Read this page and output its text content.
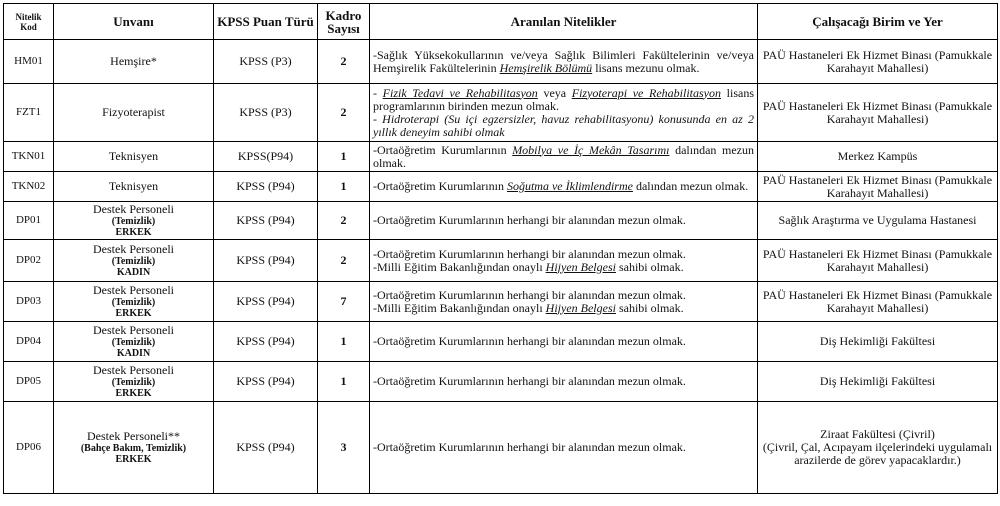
Nitelik Kod	Unvanı	KPSS Puan Türü	Kadro Sayısı	Aranılan Nitelikler	Çalışacağı Birim ve Yer
HM01	Hemşire*	KPSS (P3)	2	-Sağlık Yüksekokullarının ve/veya Sağlık Bilimleri Fakültelerinin ve/veya Hemşirelik Fakültelerinin Hemşirelik Bölümü lisans mezunu olmak.	PAÜ Hastaneleri Ek Hizmet Binası (Pamukkale Karahayıt Mahallesi)
FZT1	Fizyoterapist	KPSS (P3)	2	- Fizik Tedavi ve Rehabilitasyon veya Fizyoterapi ve Rehabilitasyon lisans programlarının birinden mezun olmak.
- Hidroterapi (Su içi egzersizler, havuz rehabilitasyonu) konusunda en az 2 yıllık deneyim sahibi olmak	PAÜ Hastaneleri Ek Hizmet Binası (Pamukkale Karahayıt Mahallesi)
TKN01	Teknisyen	KPSS(P94)	1	-Ortaöğretim Kurumlarının Mobilya ve İç Mekân Tasarımı dalından mezun olmak.	Merkez Kampüs
TKN02	Teknisyen	KPSS (P94)	1	-Ortaöğretim Kurumlarının Soğutma ve İklimlendirme dalından mezun olmak.	PAÜ Hastaneleri Ek Hizmet Binası (Pamukkale Karahayıt Mahallesi)
DP01	Destek Personeli
(Temizlik)
ERKEK	KPSS (P94)	2	-Ortaöğretim Kurumlarının herhangi bir alanından mezun olmak.	Sağlık Araştırma ve Uygulama Hastanesi
DP02	Destek Personeli
(Temizlik)
KADIN	KPSS (P94)	2	-Ortaöğretim Kurumlarının herhangi bir alanından mezun olmak.
-Milli Eğitim Bakanlığından onaylı Hijyen Belgesi sahibi olmak.	PAÜ Hastaneleri Ek Hizmet Binası (Pamukkale Karahayıt Mahallesi)
DP03	Destek Personeli
(Temizlik)
ERKEK	KPSS (P94)	7	-Ortaöğretim Kurumlarının herhangi bir alanından mezun olmak.
-Milli Eğitim Bakanlığından onaylı Hijyen Belgesi sahibi olmak.	PAÜ Hastaneleri Ek Hizmet Binası (Pamukkale Karahayıt Mahallesi)
DP04	Destek Personeli
(Temizlik)
KADIN	KPSS (P94)	1	-Ortaöğretim Kurumlarının herhangi bir alanından mezun olmak.	Diş Hekimliği Fakültesi
DP05	Destek Personeli
(Temizlik)
ERKEK	KPSS (P94)	1	-Ortaöğretim Kurumlarının herhangi bir alanından mezun olmak.	Diş Hekimliği Fakültesi
DP06	Destek Personeli**
(Bahçe Bakım, Temizlik)
ERKEK	KPSS (P94)	3	-Ortaöğretim Kurumlarının herhangi bir alanından mezun olmak.	Ziraat Fakültesi (Çivril)
(Çivril, Çal, Acıpayam ilçelerindeki uygulamalı arazilerde de görev yapacaklardır.)
